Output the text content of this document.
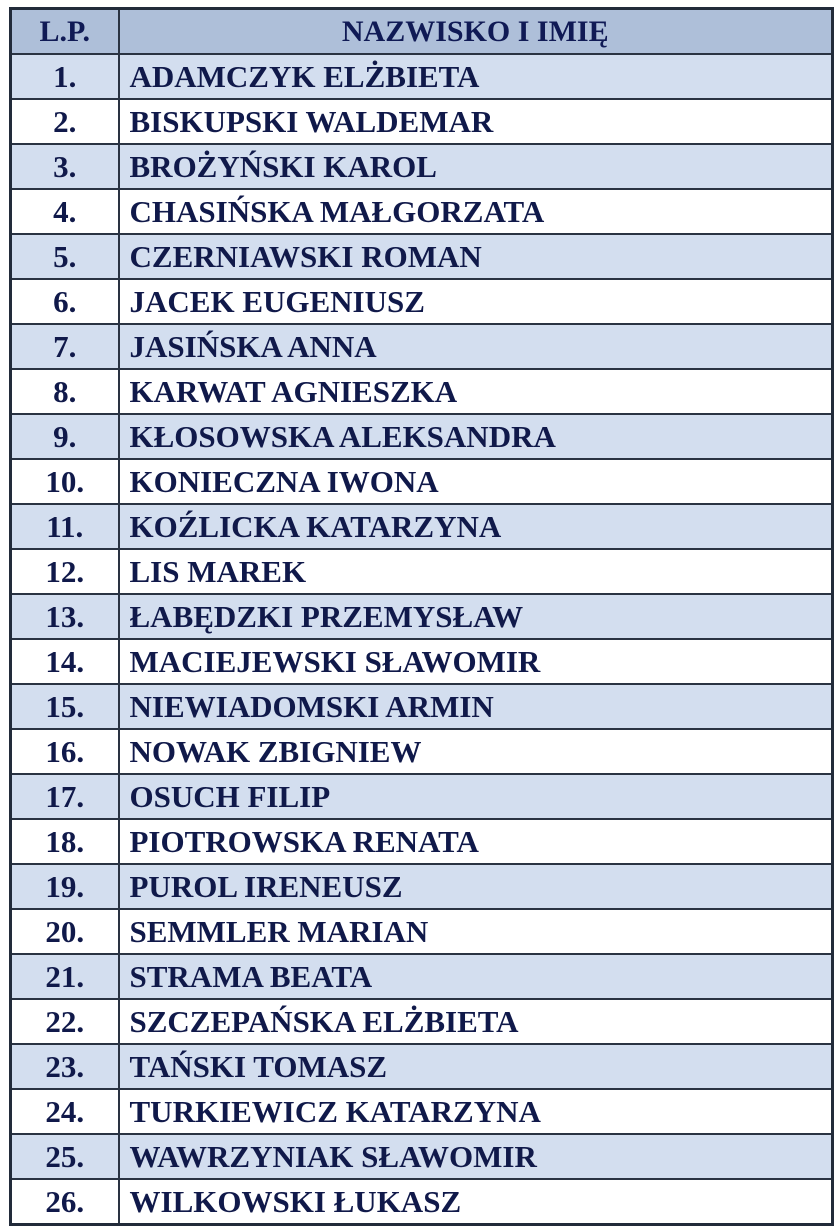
L.P.	NAZWISKO I IMIĘ
1.	ADAMCZYK ELŻBIETA
2.	BISKUPSKI WALDEMAR
3.	BROŻYŃSKI KAROL
4.	CHASIŃSKA MAŁGORZATA
5.	CZERNIAWSKI ROMAN
6.	JACEK EUGENIUSZ
7.	JASIŃSKA ANNA
8.	KARWAT AGNIESZKA
9.	KŁOSOWSKA ALEKSANDRA
10.	KONIECZNA IWONA
11.	KOŹLICKA KATARZYNA
12.	LIS MAREK
13.	ŁABĘDZKI PRZEMYSŁAW
14.	MACIEJEWSKI SŁAWOMIR
15.	NIEWIADOMSKI ARMIN
16.	NOWAK ZBIGNIEW
17.	OSUCH FILIP
18.	PIOTROWSKA RENATA
19.	PUROL IRENEUSZ
20.	SEMMLER MARIAN
21.	STRAMA BEATA
22.	SZCZEPAŃSKA ELŻBIETA
23.	TAŃSKI TOMASZ
24.	TURKIEWICZ KATARZYNA
25.	WAWRZYNIAK SŁAWOMIR
26.	WILKOWSKI ŁUKASZ
